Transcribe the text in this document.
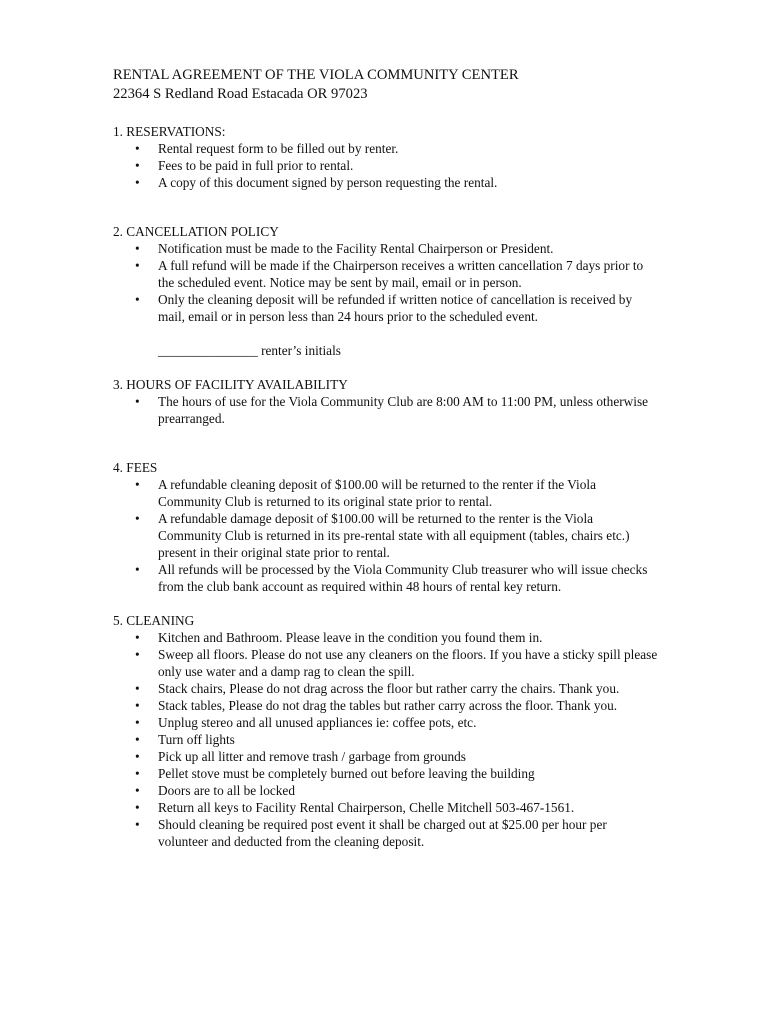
RENTAL AGREEMENT OF THE VIOLA COMMUNITY CENTER

22364 S Redland Road Estacada OR 97023

1. RESERVATIONS:

• Rental request form to be filled out by renter.
• Fees to be paid in full prior to rental.
• A copy of this document signed by person requesting the rental.

2. CANCELLATION POLICY

• Notification must be made to the Facility Rental Chairperson or President.
• A full refund will be made if the Chairperson receives a written cancellation 7 days prior to the scheduled event. Notice may be sent by mail, email or in person.
• Only the cleaning deposit will be refunded if written notice of cancellation is received by mail, email or in person less than 24 hours prior to the scheduled event.

_______________ renter’s initials

3. HOURS OF FACILITY AVAILABILITY

• The hours of use for the Viola Community Club are 8:00 AM to 11:00 PM, unless otherwise prearranged.

4. FEES

• A refundable cleaning deposit of $100.00 will be returned to the renter if the Viola Community Club is returned to its original state prior to rental.
• A refundable damage deposit of $100.00 will be returned to the renter is the Viola Community Club is returned in its pre-rental state with all equipment (tables, chairs etc.) present in their original state prior to rental.
• All refunds will be processed by the Viola Community Club treasurer who will issue checks from the club bank account as required within 48 hours of rental key return.

5. CLEANING

• Kitchen and Bathroom. Please leave in the condition you found them in.
• Sweep all floors. Please do not use any cleaners on the floors. If you have a sticky spill please only use water and a damp rag to clean the spill.
• Stack chairs, Please do not drag across the floor but rather carry the chairs. Thank you.
• Stack tables, Please do not drag the tables but rather carry across the floor. Thank you.
• Unplug stereo and all unused appliances ie: coffee pots, etc.
• Turn off lights
• Pick up all litter and remove trash / garbage from grounds
• Pellet stove must be completely burned out before leaving the building
• Doors are to all be locked
• Return all keys to Facility Rental Chairperson, Chelle Mitchell 503-467-1561.
• Should cleaning be required post event it shall be charged out at $25.00 per hour per volunteer and deducted from the cleaning deposit.
